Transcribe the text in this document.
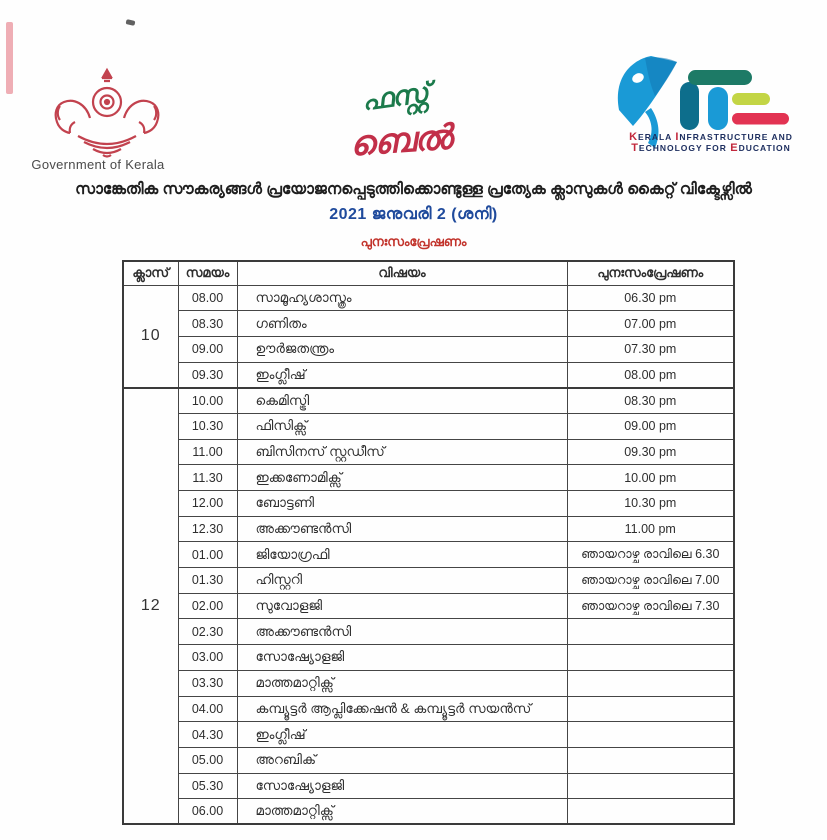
Government of Kerala
ഫസ്റ്റ്
ബെൽ	KERALA INFRASTRUCTURE AND
TECHNOLOGY FOR EDUCATION
സാങ്കേതിക സൗകര്യങ്ങൾ പ്രയോജനപ്പെടുത്തിക്കൊണ്ടുള്ള പ്രത്യേക ക്ലാസുകൾ കൈറ്റ് വിക്ടേഴ്സിൽ
2021 ജനുവരി 2 (ശനി)
പുനഃസംപ്രേഷണം
ക്ലാസ്	സമയം	വിഷയം	പുനഃസംപ്രേഷണം
10	08.00	സാമൂഹ്യശാസ്ത്രം	06.30 pm
	08.30	ഗണിതം	07.00 pm
	09.00	ഊർജതന്ത്രം	07.30 pm
	09.30	ഇംഗ്ലീഷ്	08.00 pm
12	10.00	കെമിസ്ട്രി	08.30 pm
	10.30	ഫിസിക്സ്	09.00 pm
	11.00	ബിസിനസ് സ്റ്റഡീസ്	09.30 pm
	11.30	ഇക്കണോമിക്സ്	10.00 pm
	12.00	ബോട്ടണി	10.30 pm
	12.30	അക്കൗണ്ടൻസി	11.00 pm
	01.00	ജിയോഗ്രഫി	ഞായറാഴ്ച രാവിലെ 6.30
	01.30	ഹിസ്റ്ററി	ഞായറാഴ്ച രാവിലെ 7.00
	02.00	സുവോളജി	ഞായറാഴ്ച രാവിലെ 7.30
	02.30	അക്കൗണ്ടൻസി	
	03.00	സോഷ്യോളജി	
	03.30	മാത്തമാറ്റിക്സ്	
	04.00	കമ്പ്യൂട്ടർ ആപ്ലിക്കേഷൻ & കമ്പ്യൂട്ടർ സയൻസ്	
	04.30	ഇംഗ്ലീഷ്	
	05.00	അറബിക്	
	05.30	സോഷ്യോളജി	
	06.00	മാത്തമാറ്റിക്സ്	
